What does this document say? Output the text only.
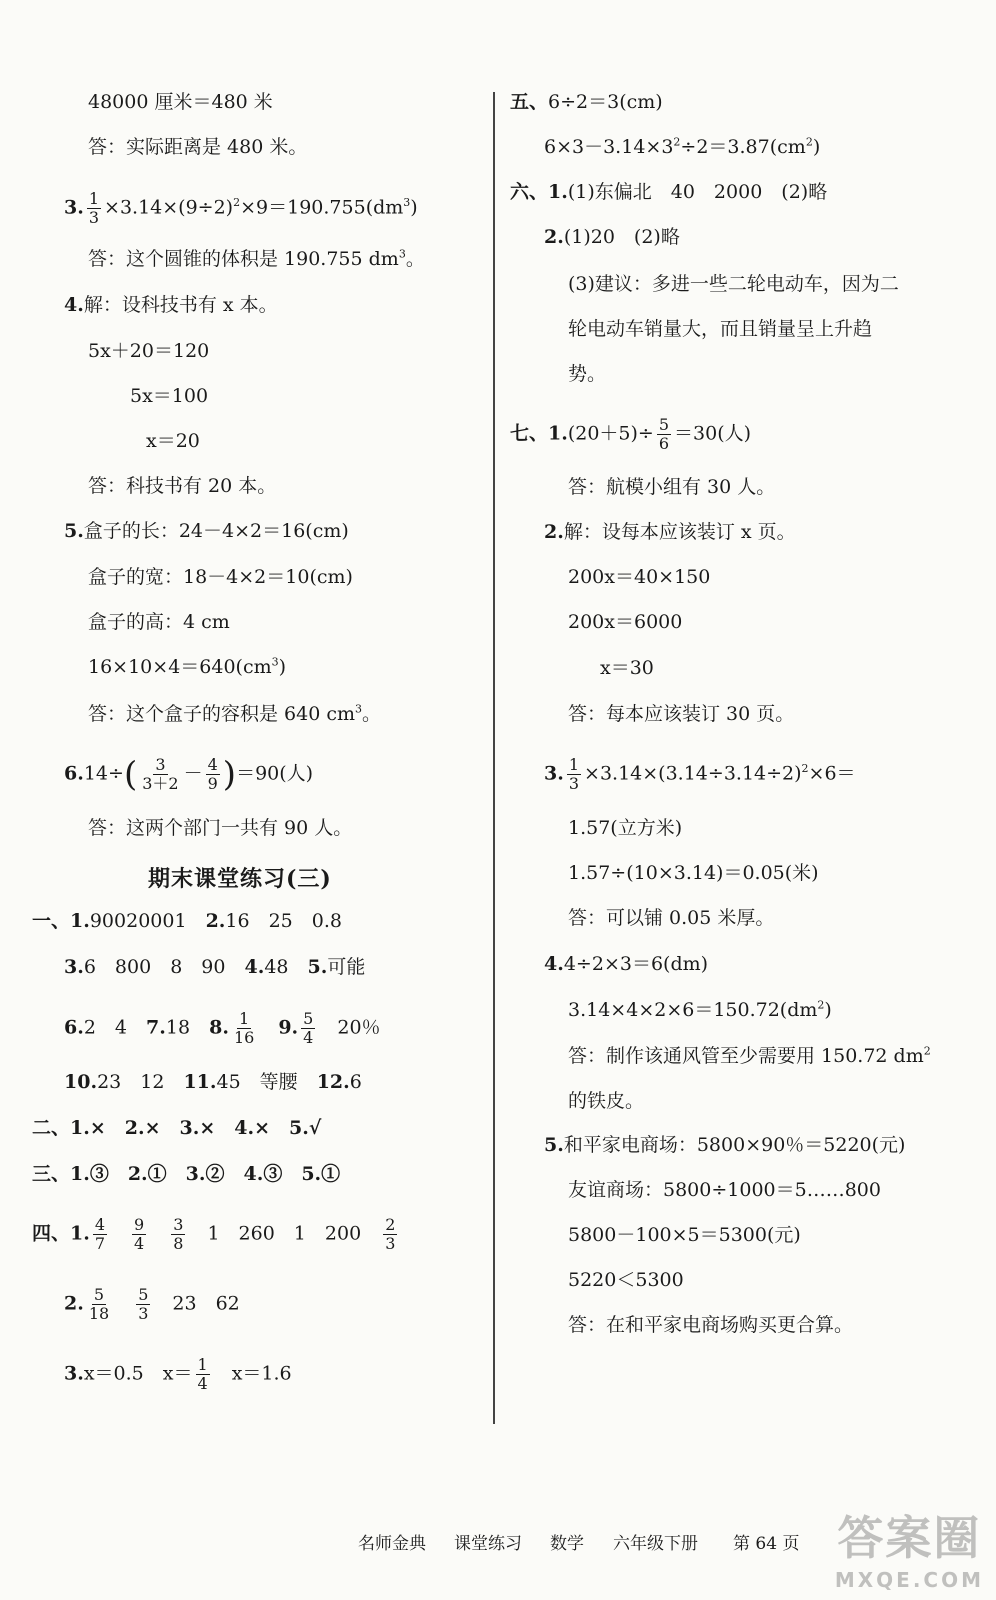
48000 厘米＝480 米
答：实际距离是 480 米。
3. $\frac{1}{3} \times 3.14\times(9\div 2)^2\times 9=190.755(dm^3)$
答：这个圆锥的体积是 190.755 $dm^3$。
4.解：设科技书有 x 本。
5x＋20＝120
5x＝100
x＝20
答：科技书有 20 本。
5.盒子的长：24－4×2＝16(cm)
盒子的宽：18－4×2＝10(cm)
盒子的高：4 cm
$16\times 10\times 4=640(cm^3)$
答：这个盒子的容积是 640 $cm^3$。
$6.14\div( \frac{3}{3+2} - \frac{4}{9} )=90$(人)
答：这两个部门一共有 90 人。
期末课堂练习(三)
一、1.90020001　 2.16　25　0.8
3.6　800　8　90　 4.48　 5.可能
6.2　4　 7.18　 8. $\frac{1}{16}$
　 9. $\frac{5}{4}$
　 20％
10.23　12　 11.45　等腰　 12.6
二、1.×　2.×　3.×　4.×　5.√
三、1.③　2.①　3.②　4.③　5.①
四、1. $\frac{4}{7}$
　 $\frac{9}{4}$
　 $\frac{3}{8}$
　 1　260　1　200　 $\frac{2}{3}$
2. $\frac{5}{18}$
　 $\frac{5}{3}$
　 23　62
3.x＝0.5　$x= \frac{1}{4}$
　 x＝1.6
五、6÷2＝3(cm)
$6\times 3-3.14\times 3^2\div 2=3.87(cm^2)$
六、1.(1)东偏北　40　2000　(2)略
2.(1)20　(2)略
(3)建议：多进一些二轮电动车，因为二
轮电动车销量大，而且销量呈上升趋
势。
七、$1.(20+5)\div \frac{5}{6} =30$(人)
答：航模小组有 30 人。
2.解：设每本应该装订 x 页。
200x＝40×150
200x＝6000
x＝30
答：每本应该装订 30 页。
3. $\frac{1}{3} \times 3.14\times(3.14\div 3.14\div 2)^2\times 6=$
1.57(立方米)
1.57÷(10×3.14)＝0.05(米)
答：可以铺 0.05 米厚。
4.4÷2×3＝6(dm)
$3.14\times 4\times 2\times 6=150.72(dm^2)$
答：制作该通风管至少需要用 150.72 $dm^2$
的铁皮。
5.和平家电商场：5800×90％＝5220(元)
友谊商场：5800÷1000＝5……800
5800－100×5＝5300(元)
5220＜5300
答：在和平家电商场购买更合算。
名师金典 课堂练习 数学 六年级下册 第 64 页 答案圈
MXQE.COM
